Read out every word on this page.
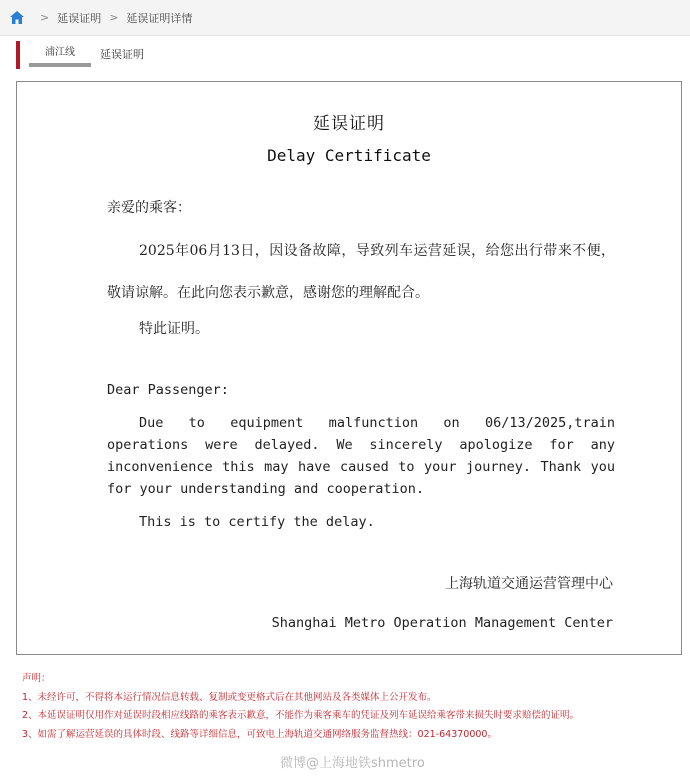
> 延误证明 > 延误证明详情
浦江线	延误证明
延误证明
Delay Certificate
亲爱的乘客：
2025年06月13日，因设备故障，导致列车运营延误，给您出行带来不便，敬请谅解。在此向您表示歉意，感谢您的理解配合。
特此证明。
Dear Passenger:
Due to equipment malfunction on 06/13/2025,train operations were delayed. We sincerely apologize for any inconvenience this may have caused to your journey. Thank you for your understanding and cooperation.
This is to certify the delay.
上海轨道交通运营管理中心
Shanghai Metro Operation Management Center
声明：
1、未经许可，不得将本运行情况信息转载、复制或变更格式后在其他网站及各类媒体上公开发布。
2、本延误证明仅用作对延误时段相应线路的乘客表示歉意，不能作为乘客乘车的凭证及列车延误给乘客带来损失时要求赔偿的证明。
3、如需了解运营延误的具体时段、线路等详细信息，可致电上海轨道交通网络服务监督热线：021-64370000。
微博@上海地铁shmetro
